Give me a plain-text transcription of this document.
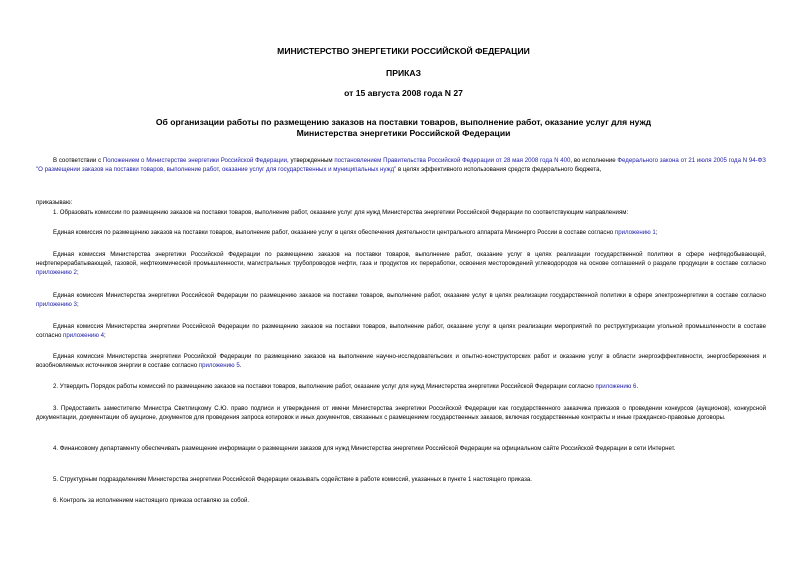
МИНИСТЕРСТВО ЭНЕРГЕТИКИ РОССИЙСКОЙ ФЕДЕРАЦИИ
ПРИКАЗ
от 15 августа 2008 года N 27
Об организации работы по размещению заказов на поставки товаров, выполнение работ, оказание услуг для нужд Министерства энергетики Российской Федерации
В соответствии с Положением о Министерстве энергетики Российской Федерации, утвержденным постановлением Правительства Российской Федерации от 28 мая 2008 года N 400, во исполнение Федерального закона от 21 июля 2005 года N 94-ФЗ "О размещении заказов на поставки товаров, выполнение работ, оказание услуг для государственных и муниципальных нужд" в целях эффективного использования средств федерального бюджета,
приказываю:
1. Образовать комиссии по размещению заказов на поставки товаров, выполнение работ, оказание услуг для нужд Министерства энергетики Российской Федерации по соответствующим направлениям:
Единая комиссия по размещению заказов на поставки товаров, выполнение работ, оказание услуг в целях обеспечения деятельности центрального аппарата Минэнерго России в составе согласно приложению 1;
Единая комиссия Министерства энергетики Российской Федерации по размещению заказов на поставки товаров, выполнение работ, оказание услуг в целях реализации государственной политики в сфере нефтедобывающей, нефтеперерабатывающей, газовой, нефтехимической промышленности, магистральных трубопроводов нефти, газа и продуктов их переработки, освоения месторождений углеводородов на основе соглашений о разделе продукции в составе согласно приложению 2;
Единая комиссия Министерства энергетики Российской Федерации по размещению заказов на поставки товаров, выполнение работ, оказание услуг в целях реализации государственной политики в сфере электроэнергетики в составе согласно приложению 3;
Единая комиссия Министерства энергетики Российской Федерации по размещению заказов на поставки товаров, выполнение работ, оказание услуг в целях реализации мероприятий по реструктуризации угольной промышленности в составе согласно приложению 4;
Единая комиссия Министерства энергетики Российской Федерации по размещению заказов на выполнение научно-исследовательских и опытно-конструкторских работ и оказание услуг в области энергоэффективности, энергосбережения и возобновляемых источников энергии в составе согласно приложению 5.
2. Утвердить Порядок работы комиссий по размещению заказов на поставки товаров, выполнение работ, оказание услуг для нужд Министерства энергетики Российской Федерации согласно приложению 6.
3. Предоставить заместителю Министра Светлицкому С.Ю. право подписи и утверждения от имени Министерства энергетики Российской Федерации как государственного заказчика приказов о проведении конкурсов (аукционов), конкурсной документации, документации об аукционе, документов для проведения запроса котировок и иных документов, связанных с размещением государственных заказов, включая государственные контракты и иные гражданско-правовые договоры.
4. Финансовому департаменту обеспечивать размещение информации о размещении заказов для нужд Министерства энергетики Российской Федерации на официальном сайте Российской Федерации в сети Интернет.
5. Структурным подразделениям Министерства энергетики Российской Федерации оказывать содействие в работе комиссий, указанных в пункте 1 настоящего приказа.
6. Контроль за исполнением настоящего приказа оставляю за собой.
